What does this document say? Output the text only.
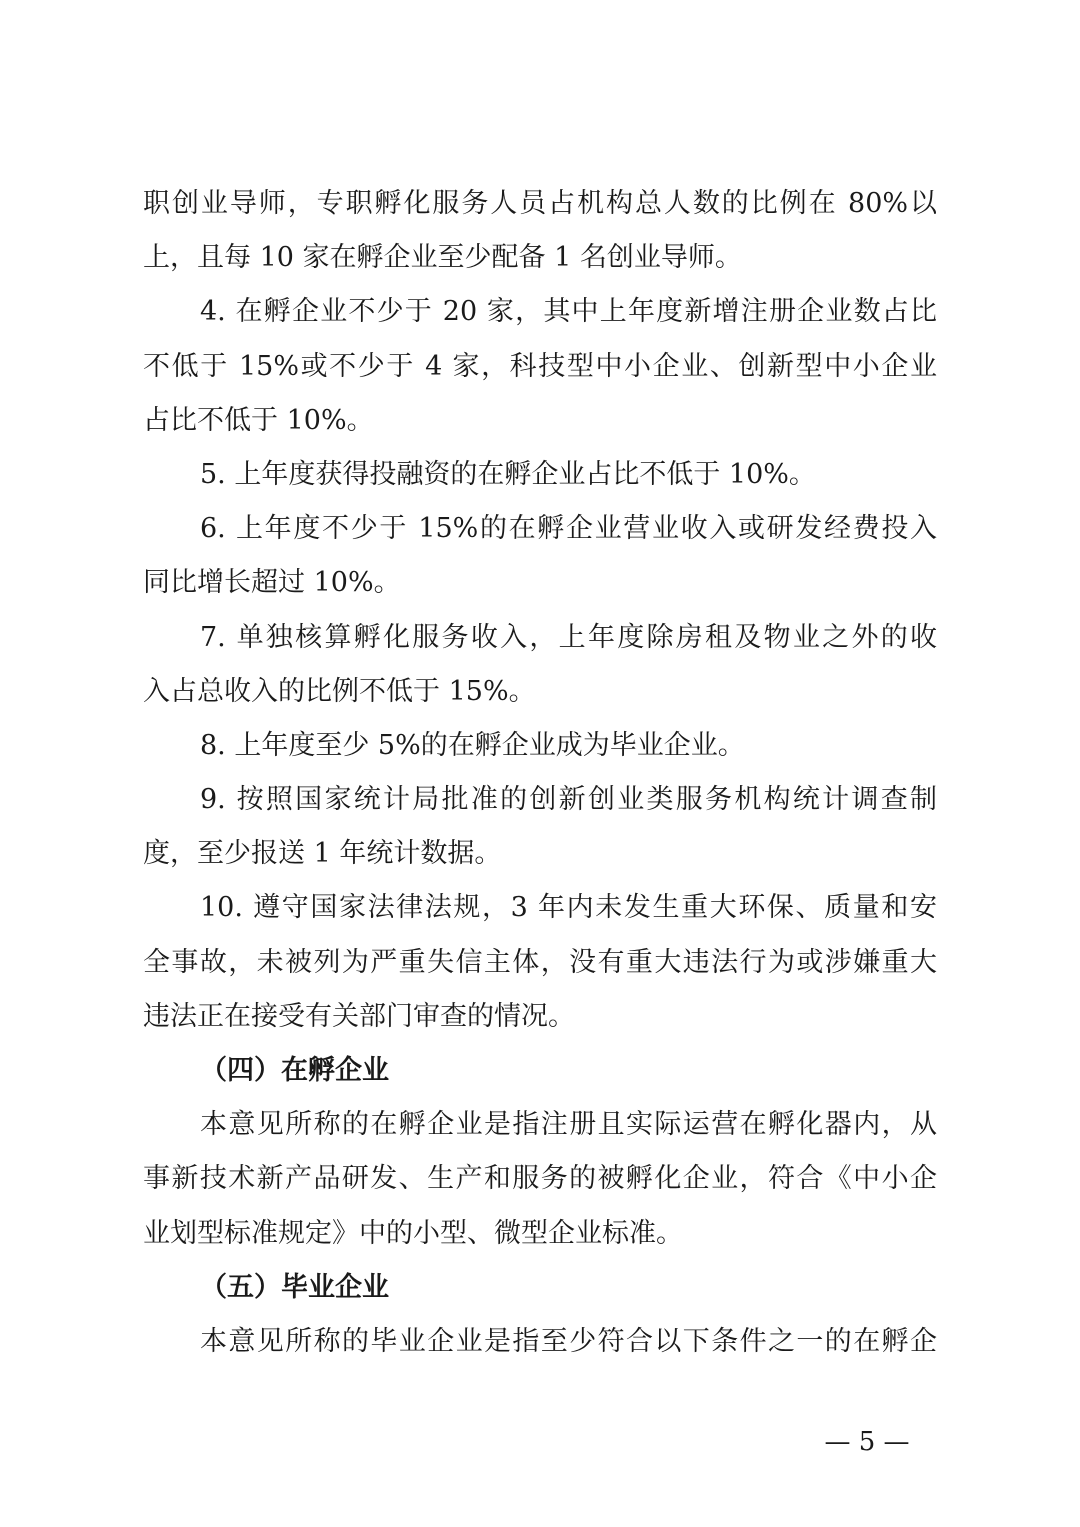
职创业导师，专职孵化服务人员占机构总人数的比例在 80%以
上，且每 10 家在孵企业至少配备 1 名创业导师。
4. 在孵企业不少于 20 家，其中上年度新增注册企业数占比
不低于 15%或不少于 4 家，科技型中小企业、创新型中小企业
占比不低于 10%。
5. 上年度获得投融资的在孵企业占比不低于 10%。
6. 上年度不少于 15%的在孵企业营业收入或研发经费投入
同比增长超过 10%。
7. 单独核算孵化服务收入，上年度除房租及物业之外的收
入占总收入的比例不低于 15%。
8. 上年度至少 5%的在孵企业成为毕业企业。
9. 按照国家统计局批准的创新创业类服务机构统计调查制
度，至少报送 1 年统计数据。
10. 遵守国家法律法规，3 年内未发生重大环保、质量和安
全事故，未被列为严重失信主体，没有重大违法行为或涉嫌重大
违法正在接受有关部门审查的情况。
（四）在孵企业
本意见所称的在孵企业是指注册且实际运营在孵化器内，从
事新技术新产品研发、生产和服务的被孵化企业，符合《中小企
业划型标准规定》中的小型、微型企业标准。
（五）毕业企业
本意见所称的毕业企业是指至少符合以下条件之一的在孵企
— 5 —
